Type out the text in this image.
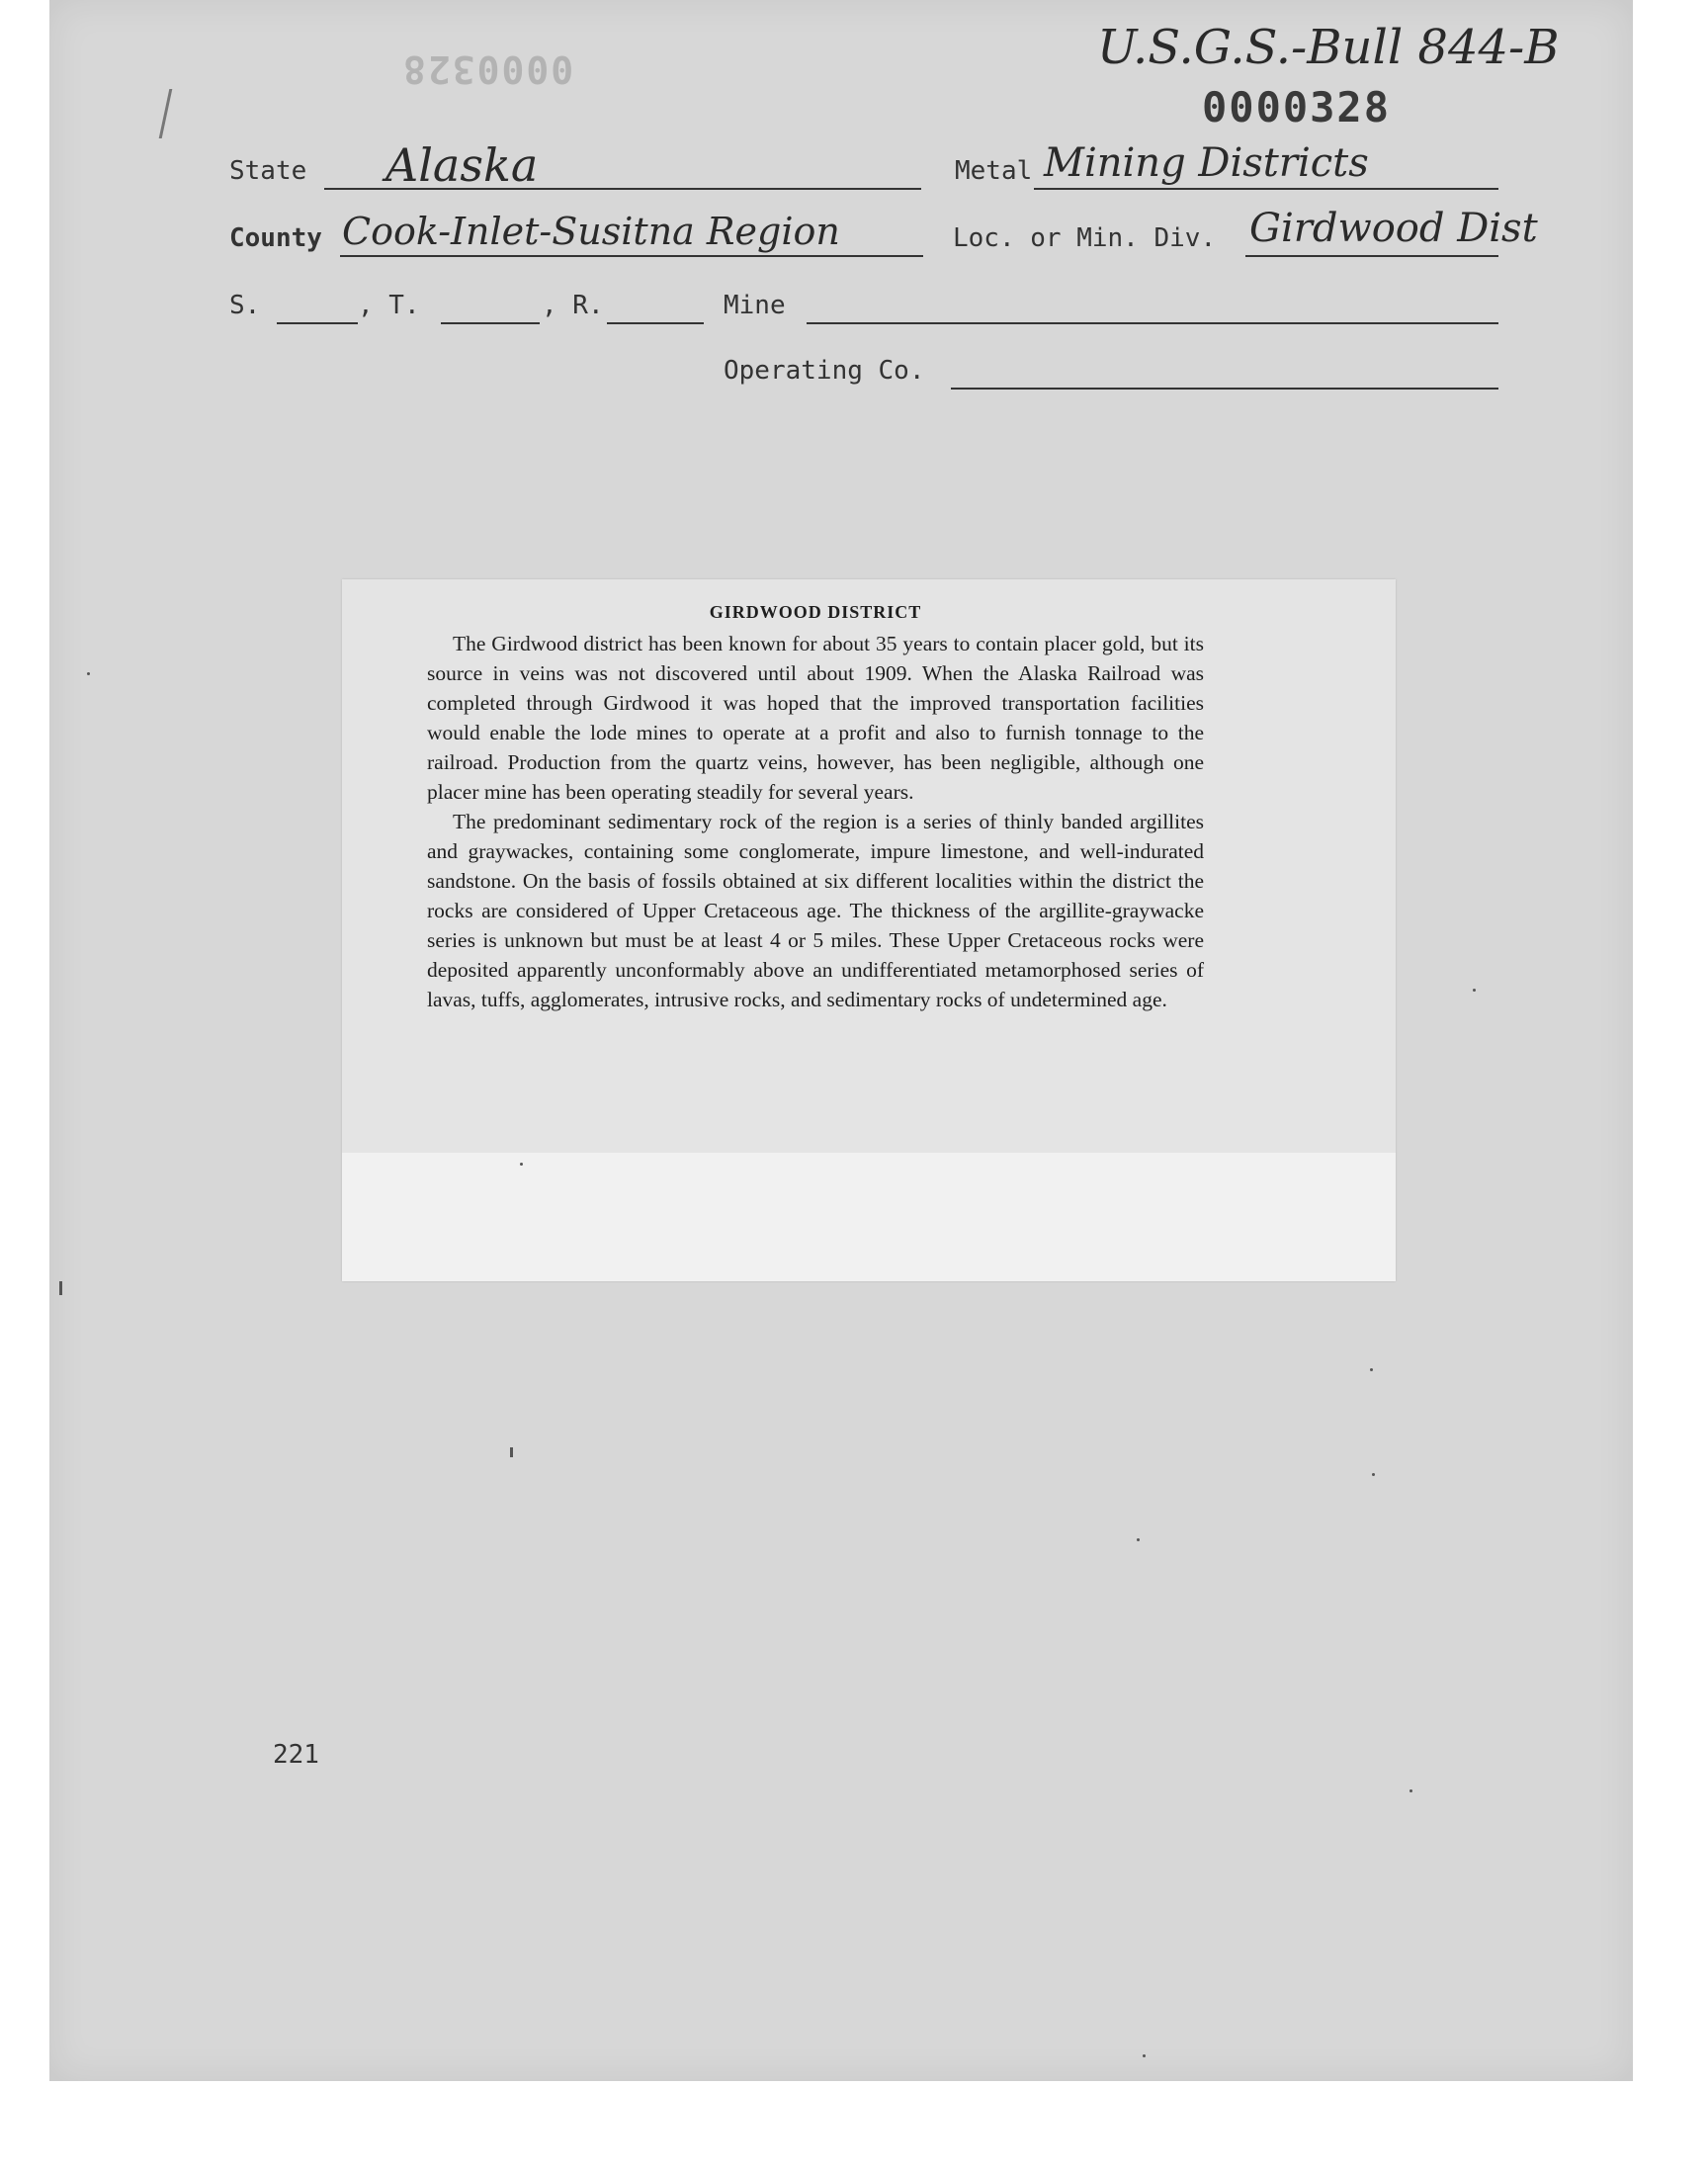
0000328	U.S.G.S.-Bull 844-B
0000328
State Alaska	Metal Mining Districts
County Cook-Inlet-Susitna Region	Loc. or Min. Div. Girdwood Dist
S.	, T.	, R.	Mine
Operating Co.
GIRDWOOD DISTRICT

The Girdwood district has been known for about 35 years to contain placer gold, but its source in veins was not discovered until about 1909. When the Alaska Railroad was completed through Girdwood it was hoped that the improved transportation facilities would enable the lode mines to operate at a profit and also to furnish tonnage to the railroad. Production from the quartz veins, however, has been negligible, although one placer mine has been operating steadily for several years.

The predominant sedimentary rock of the region is a series of thinly banded argillites and graywackes, containing some conglomerate, impure limestone, and well-indurated sandstone. On the basis of fossils obtained at six different localities within the district the rocks are considered of Upper Cretaceous age. The thickness of the argillite-graywacke series is unknown but must be at least 4 or 5 miles. These Upper Cretaceous rocks were deposited apparently unconformably above an undifferentiated metamorphosed series of lavas, tuffs, agglomerates, intrusive rocks, and sedimentary rocks of undetermined age.

221
